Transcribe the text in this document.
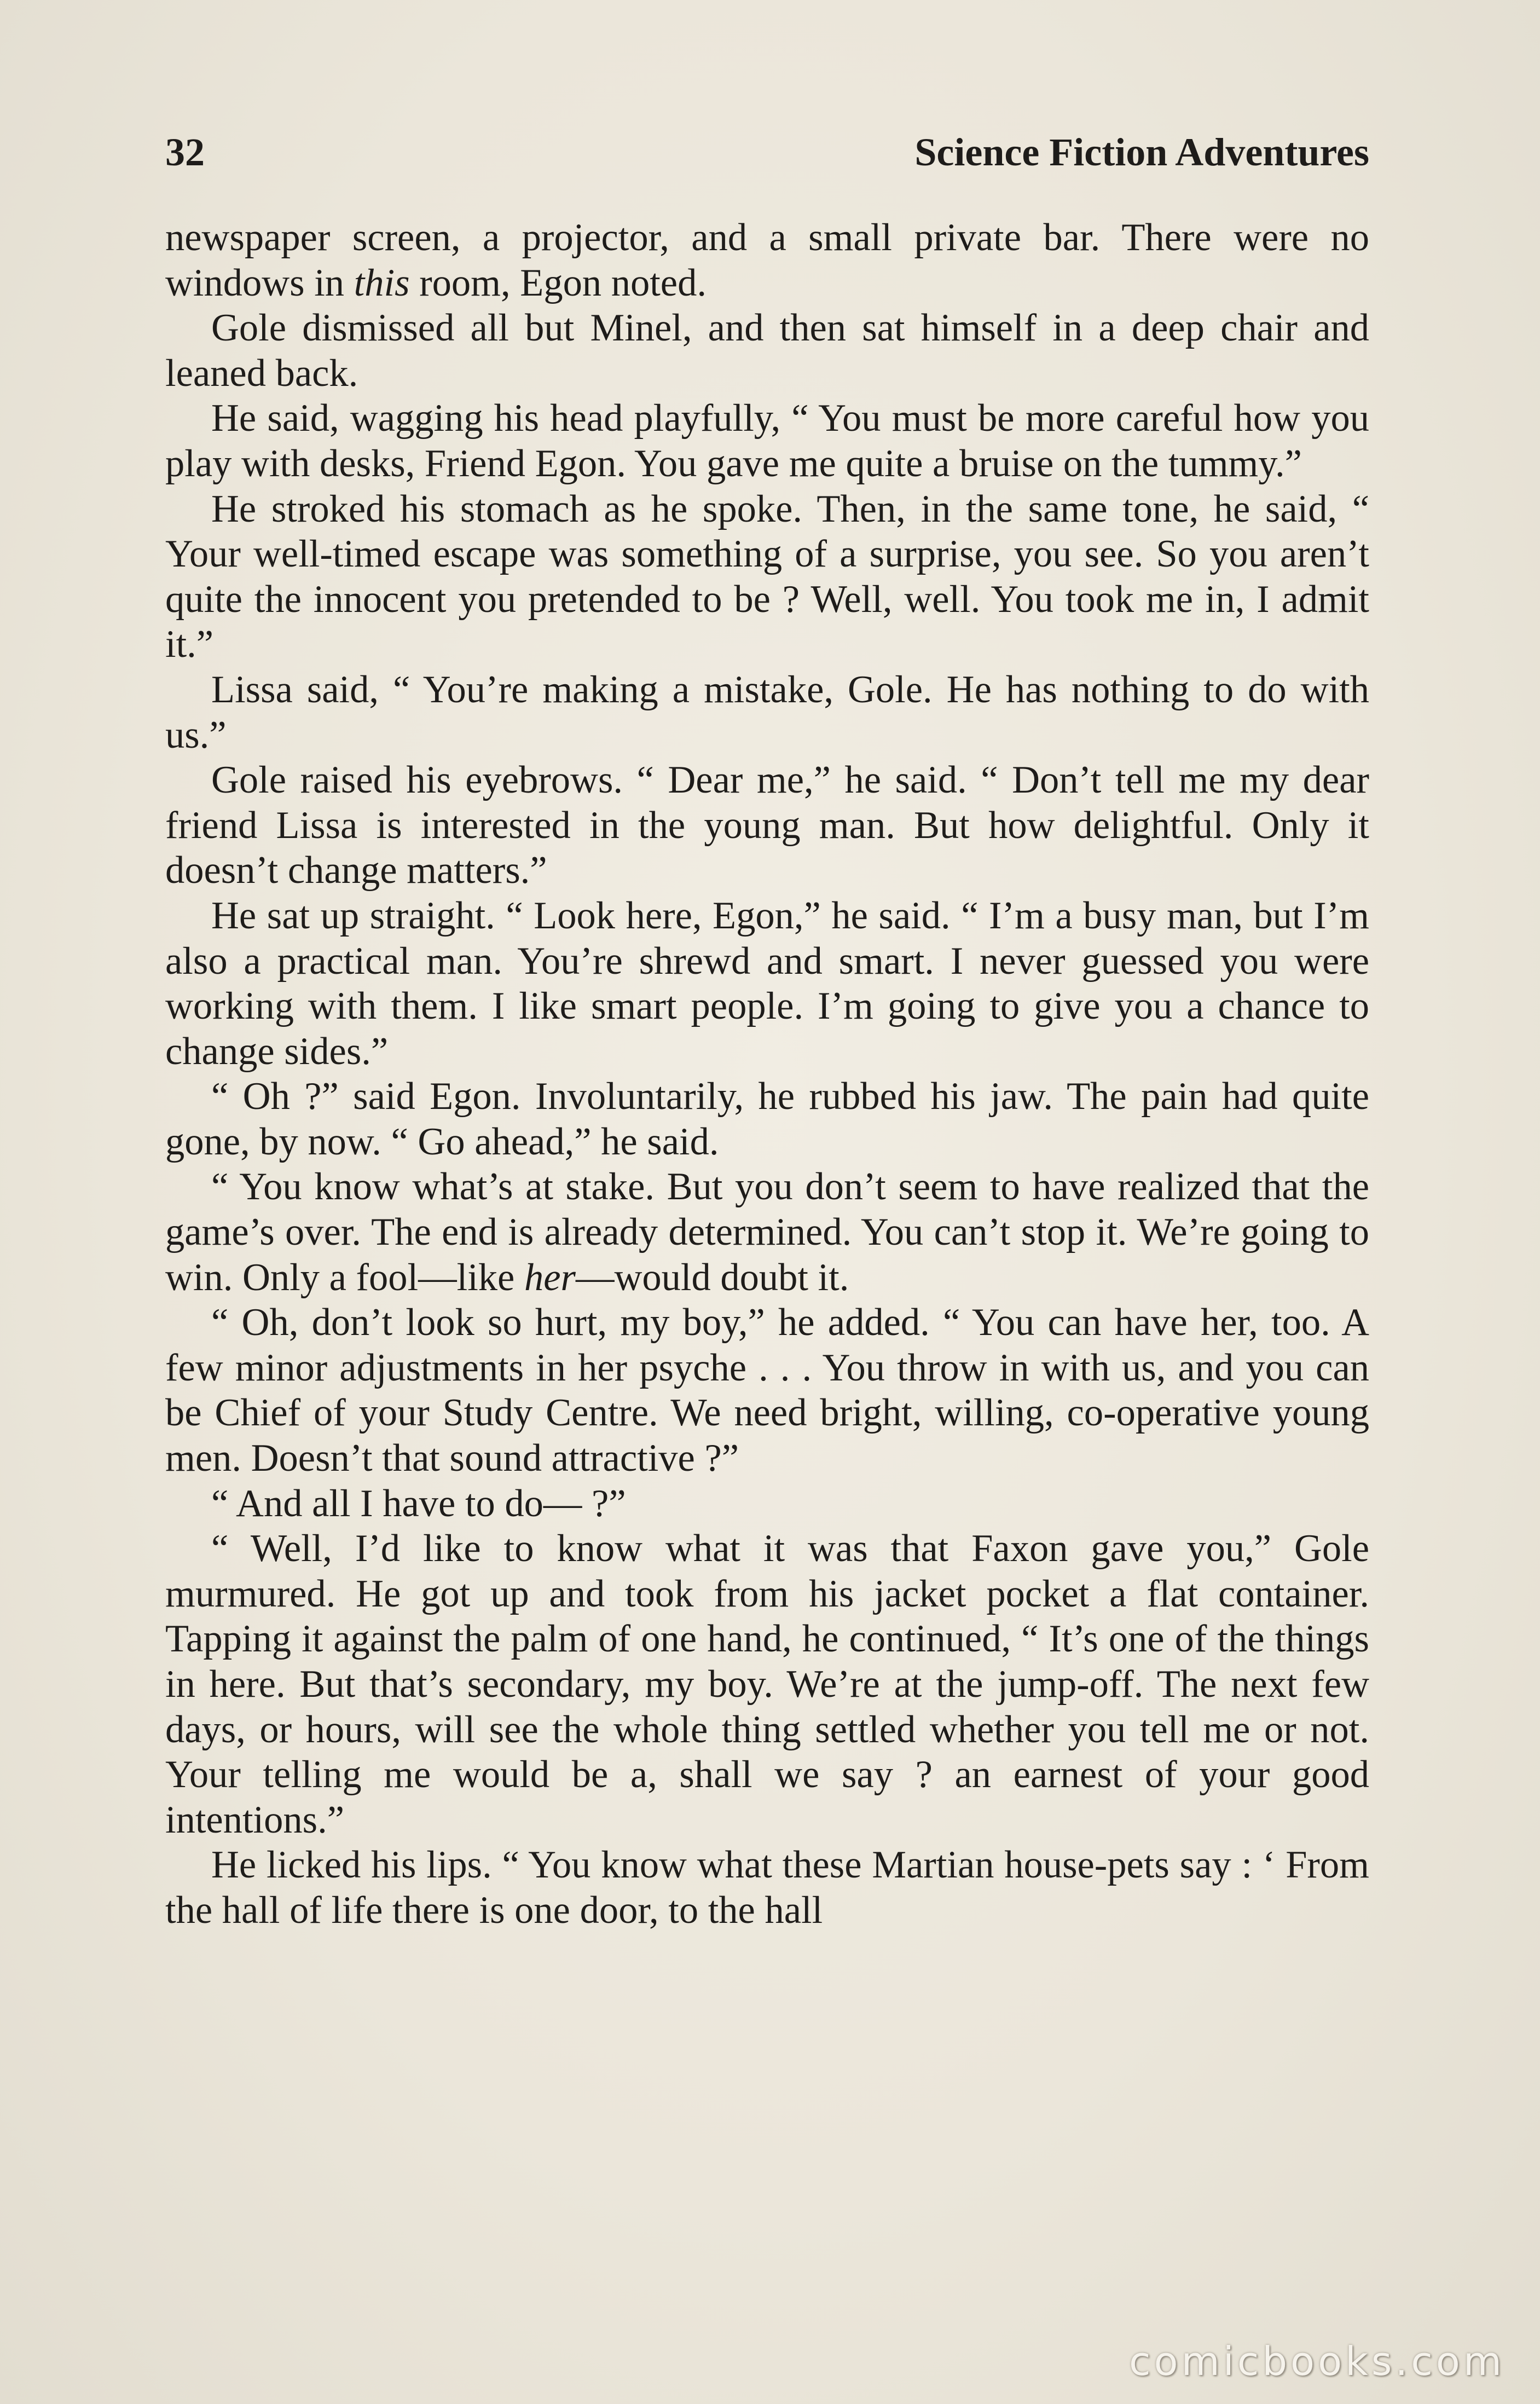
32	Science Fiction Adventures

newspaper screen, a projector, and a small private bar. There were no windows in this room, Egon noted.

Gole dismissed all but Minel, and then sat himself in a deep chair and leaned back.

He said, wagging his head playfully, “ You must be more careful how you play with desks, Friend Egon. You gave me quite a bruise on the tummy.”

He stroked his stomach as he spoke. Then, in the same tone, he said, “ Your well-timed escape was something of a surprise, you see. So you aren’t quite the innocent you pretended to be ? Well, well. You took me in, I admit it.”

Lissa said, “ You’re making a mistake, Gole. He has nothing to do with us.”

Gole raised his eyebrows. “ Dear me,” he said. “ Don’t tell me my dear friend Lissa is interested in the young man. But how delightful. Only it doesn’t change matters.”

He sat up straight. “ Look here, Egon,” he said. “ I’m a busy man, but I’m also a practical man. You’re shrewd and smart. I never guessed you were working with them. I like smart people. I’m going to give you a chance to change sides.”

“ Oh ?” said Egon. Involuntarily, he rubbed his jaw. The pain had quite gone, by now. “ Go ahead,” he said.

“ You know what’s at stake. But you don’t seem to have realized that the game’s over. The end is already determined. You can’t stop it. We’re going to win. Only a fool—like her—would doubt it.

“ Oh, don’t look so hurt, my boy,” he added. “ You can have her, too. A few minor adjustments in her psyche . . . You throw in with us, and you can be Chief of your Study Centre. We need bright, willing, co-operative young men. Doesn’t that sound attractive ?”

“ And all I have to do— ?”

“ Well, I’d like to know what it was that Faxon gave you,” Gole murmured. He got up and took from his jacket pocket a flat container. Tapping it against the palm of one hand, he continued, “ It’s one of the things in here. But that’s secondary, my boy. We’re at the jump-off. The next few days, or hours, will see the whole thing settled whether you tell me or not. Your telling me would be a, shall we say ? an earnest of your good intentions.”

He licked his lips. “ You know what these Martian house-pets say : ‘ From the hall of life there is one door, to the hall

comicbooks.com
